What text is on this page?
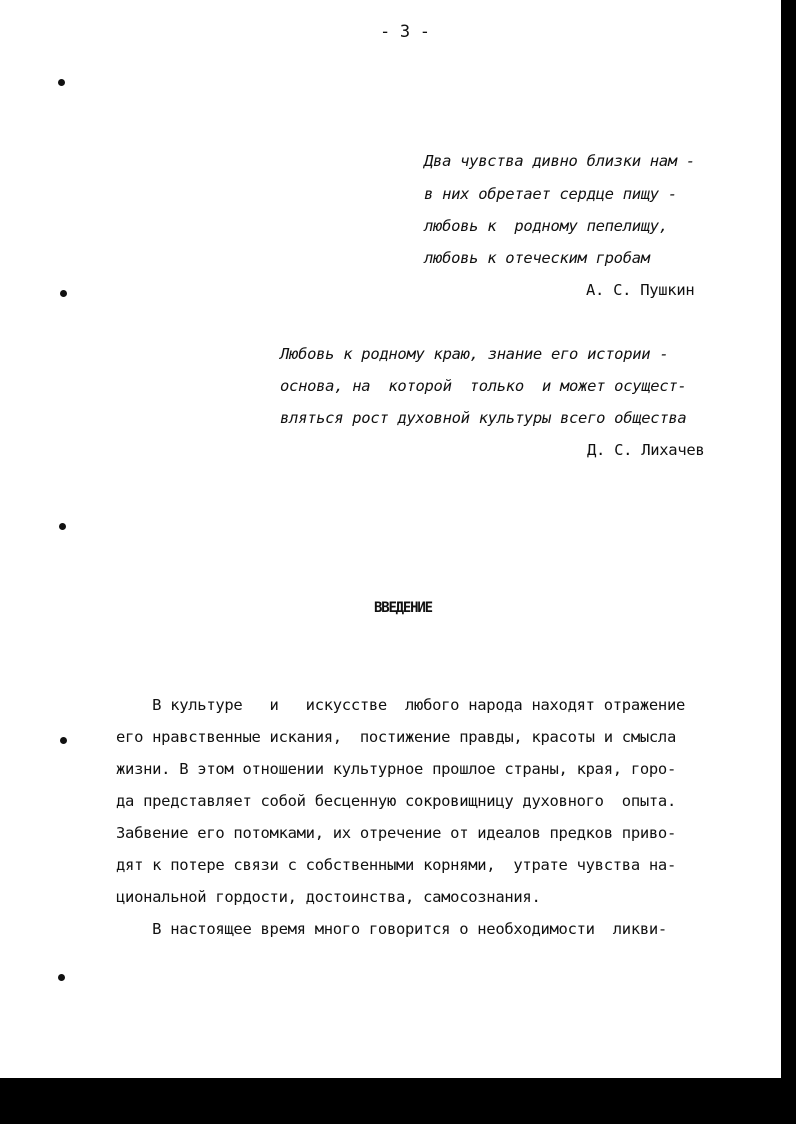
- 3 -
Два чувства дивно близки нам -
в них обретает сердце пищу -
любовь к  родному пепелищу,
любовь к отеческим гробам
А. С. Пушкин
Любовь к родному краю, знание его истории -
основа, на  которой  только  и может осущест-
вляться рост духовной культуры всего общества
Д. С. Лихачев
ВВЕДЕНИЕ
В культуре   и   искусстве  любого народа находят отражение
его нравственные искания,  постижение правды, красоты и смысла
жизни. В этом отношении культурное прошлое страны, края, горо-
да представляет собой бесценную сокровищницу духовного  опыта.
Забвение его потомками, их отречение от идеалов предков приво-
дят к потере связи с собственными корнями,  утрате чувства на-
циональной гордости, достоинства, самосознания.
В настоящее время много говорится о необходимости  ликви-
